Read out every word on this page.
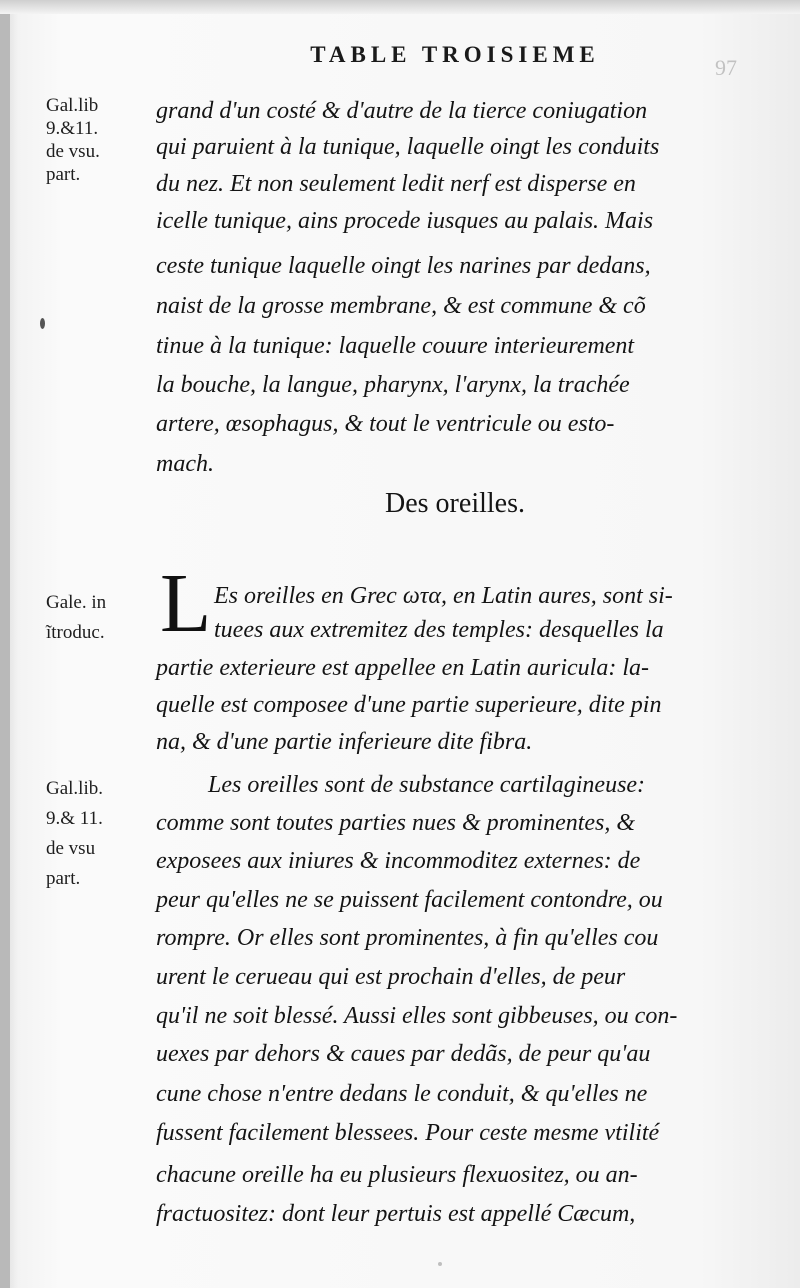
TABLE TROISIEME
97
Gal.lib
9.&11.
de vsu.
part.
Gale. in
ĩtroduc.
Gal.lib.
9.& 11.
de vsu
part.
grand d'un costé & d'autre de la tierce coniugation
qui paruient à la tunique, laquelle oingt les conduits
du nez. Et non seulement ledit nerf est disperse en
icelle tunique, ains procede iusques au palais. Mais
ceste tunique laquelle oingt les narines par dedans,
naist de la grosse membrane, & est commune & cõ
tinue à la tunique: laquelle couure interieurement
la bouche, la langue, pharynx, l'arynx, la trachée
artere, œsophagus, & tout le ventricule ou esto-
mach.
Des oreilles.
L Es oreilles en Grec ωτα, en Latin aures, sont si-
tuees aux extremitez des temples: desquelles la
partie exterieure est appellee en Latin auricula: la-
quelle est composee d'une partie superieure, dite pin
na, & d'une partie inferieure dite fibra.
Les oreilles sont de substance cartilagineuse:
comme sont toutes parties nues & prominentes, &
exposees aux iniures & incommoditez externes: de
peur qu'elles ne se puissent facilement contondre, ou
rompre. Or elles sont prominentes, à fin qu'elles cou
urent le cerueau qui est prochain d'elles, de peur
qu'il ne soit blessé. Aussi elles sont gibbeuses, ou con-
uexes par dehors & caues par dedãs, de peur qu'au
cune chose n'entre dedans le conduit, & qu'elles ne
fussent facilement blessees. Pour ceste mesme vtilité
chacune oreille ha eu plusieurs flexuositez, ou an-
fractuositez: dont leur pertuis est appellé Cæcum,
